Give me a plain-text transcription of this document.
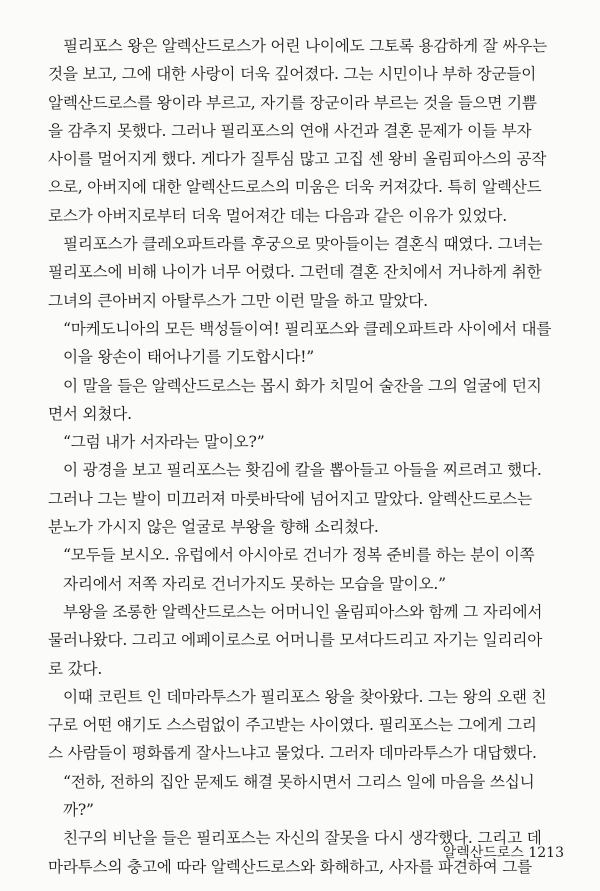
필리포스 왕은 알렉산드로스가 어린 나이에도 그토록 용감하게 잘 싸우는
것을 보고, 그에 대한 사랑이 더욱 깊어졌다. 그는 시민이나 부하 장군들이
알렉산드로스를 왕이라 부르고, 자기를 장군이라 부르는 것을 들으면 기쁨
을 감추지 못했다. 그러나 필리포스의 연애 사건과 결혼 문제가 이들 부자
사이를 멀어지게 했다. 게다가 질투심 많고 고집 센 왕비 올림피아스의 공작
으로, 아버지에 대한 알렉산드로스의 미움은 더욱 커져갔다. 특히 알렉산드
로스가 아버지로부터 더욱 멀어져간 데는 다음과 같은 이유가 있었다.
필리포스가 클레오파트라를 후궁으로 맞아들이는 결혼식 때였다. 그녀는
필리포스에 비해 나이가 너무 어렸다. 그런데 결혼 잔치에서 거나하게 취한
그녀의 큰아버지 아탈루스가 그만 이런 말을 하고 말았다.
“마케도니아의 모든 백성들이여! 필리포스와 클레오파트라 사이에서 대를
이을 왕손이 태어나기를 기도합시다!”
이 말을 들은 알렉산드로스는 몹시 화가 치밀어 술잔을 그의 얼굴에 던지
면서 외쳤다.
“그럼 내가 서자라는 말이오?”
이 광경을 보고 필리포스는 홧김에 칼을 뽑아들고 아들을 찌르려고 했다.
그러나 그는 발이 미끄러져 마룻바닥에 넘어지고 말았다. 알렉산드로스는
분노가 가시지 않은 얼굴로 부왕을 향해 소리쳤다.
“모두들 보시오. 유럽에서 아시아로 건너가 정복 준비를 하는 분이 이쪽
자리에서 저쪽 자리로 건너가지도 못하는 모습을 말이오.”
부왕을 조롱한 알렉산드로스는 어머니인 올림피아스와 함께 그 자리에서
물러나왔다. 그리고 에페이로스로 어머니를 모셔다드리고 자기는 일리리아
로 갔다.
이때 코린트 인 데마라투스가 필리포스 왕을 찾아왔다. 그는 왕의 오랜 친
구로 어떤 얘기도 스스럼없이 주고받는 사이였다. 필리포스는 그에게 그리
스 사람들이 평화롭게 잘사느냐고 물었다. 그러자 데마라투스가 대답했다.
“전하, 전하의 집안 문제도 해결 못하시면서 그리스 일에 마음을 쓰십니
까?”
친구의 비난을 들은 필리포스는 자신의 잘못을 다시 생각했다. 그리고 데
마라투스의 충고에 따라 알렉산드로스와 화해하고, 사자를 파견하여 그를
알렉산드로스 1213
